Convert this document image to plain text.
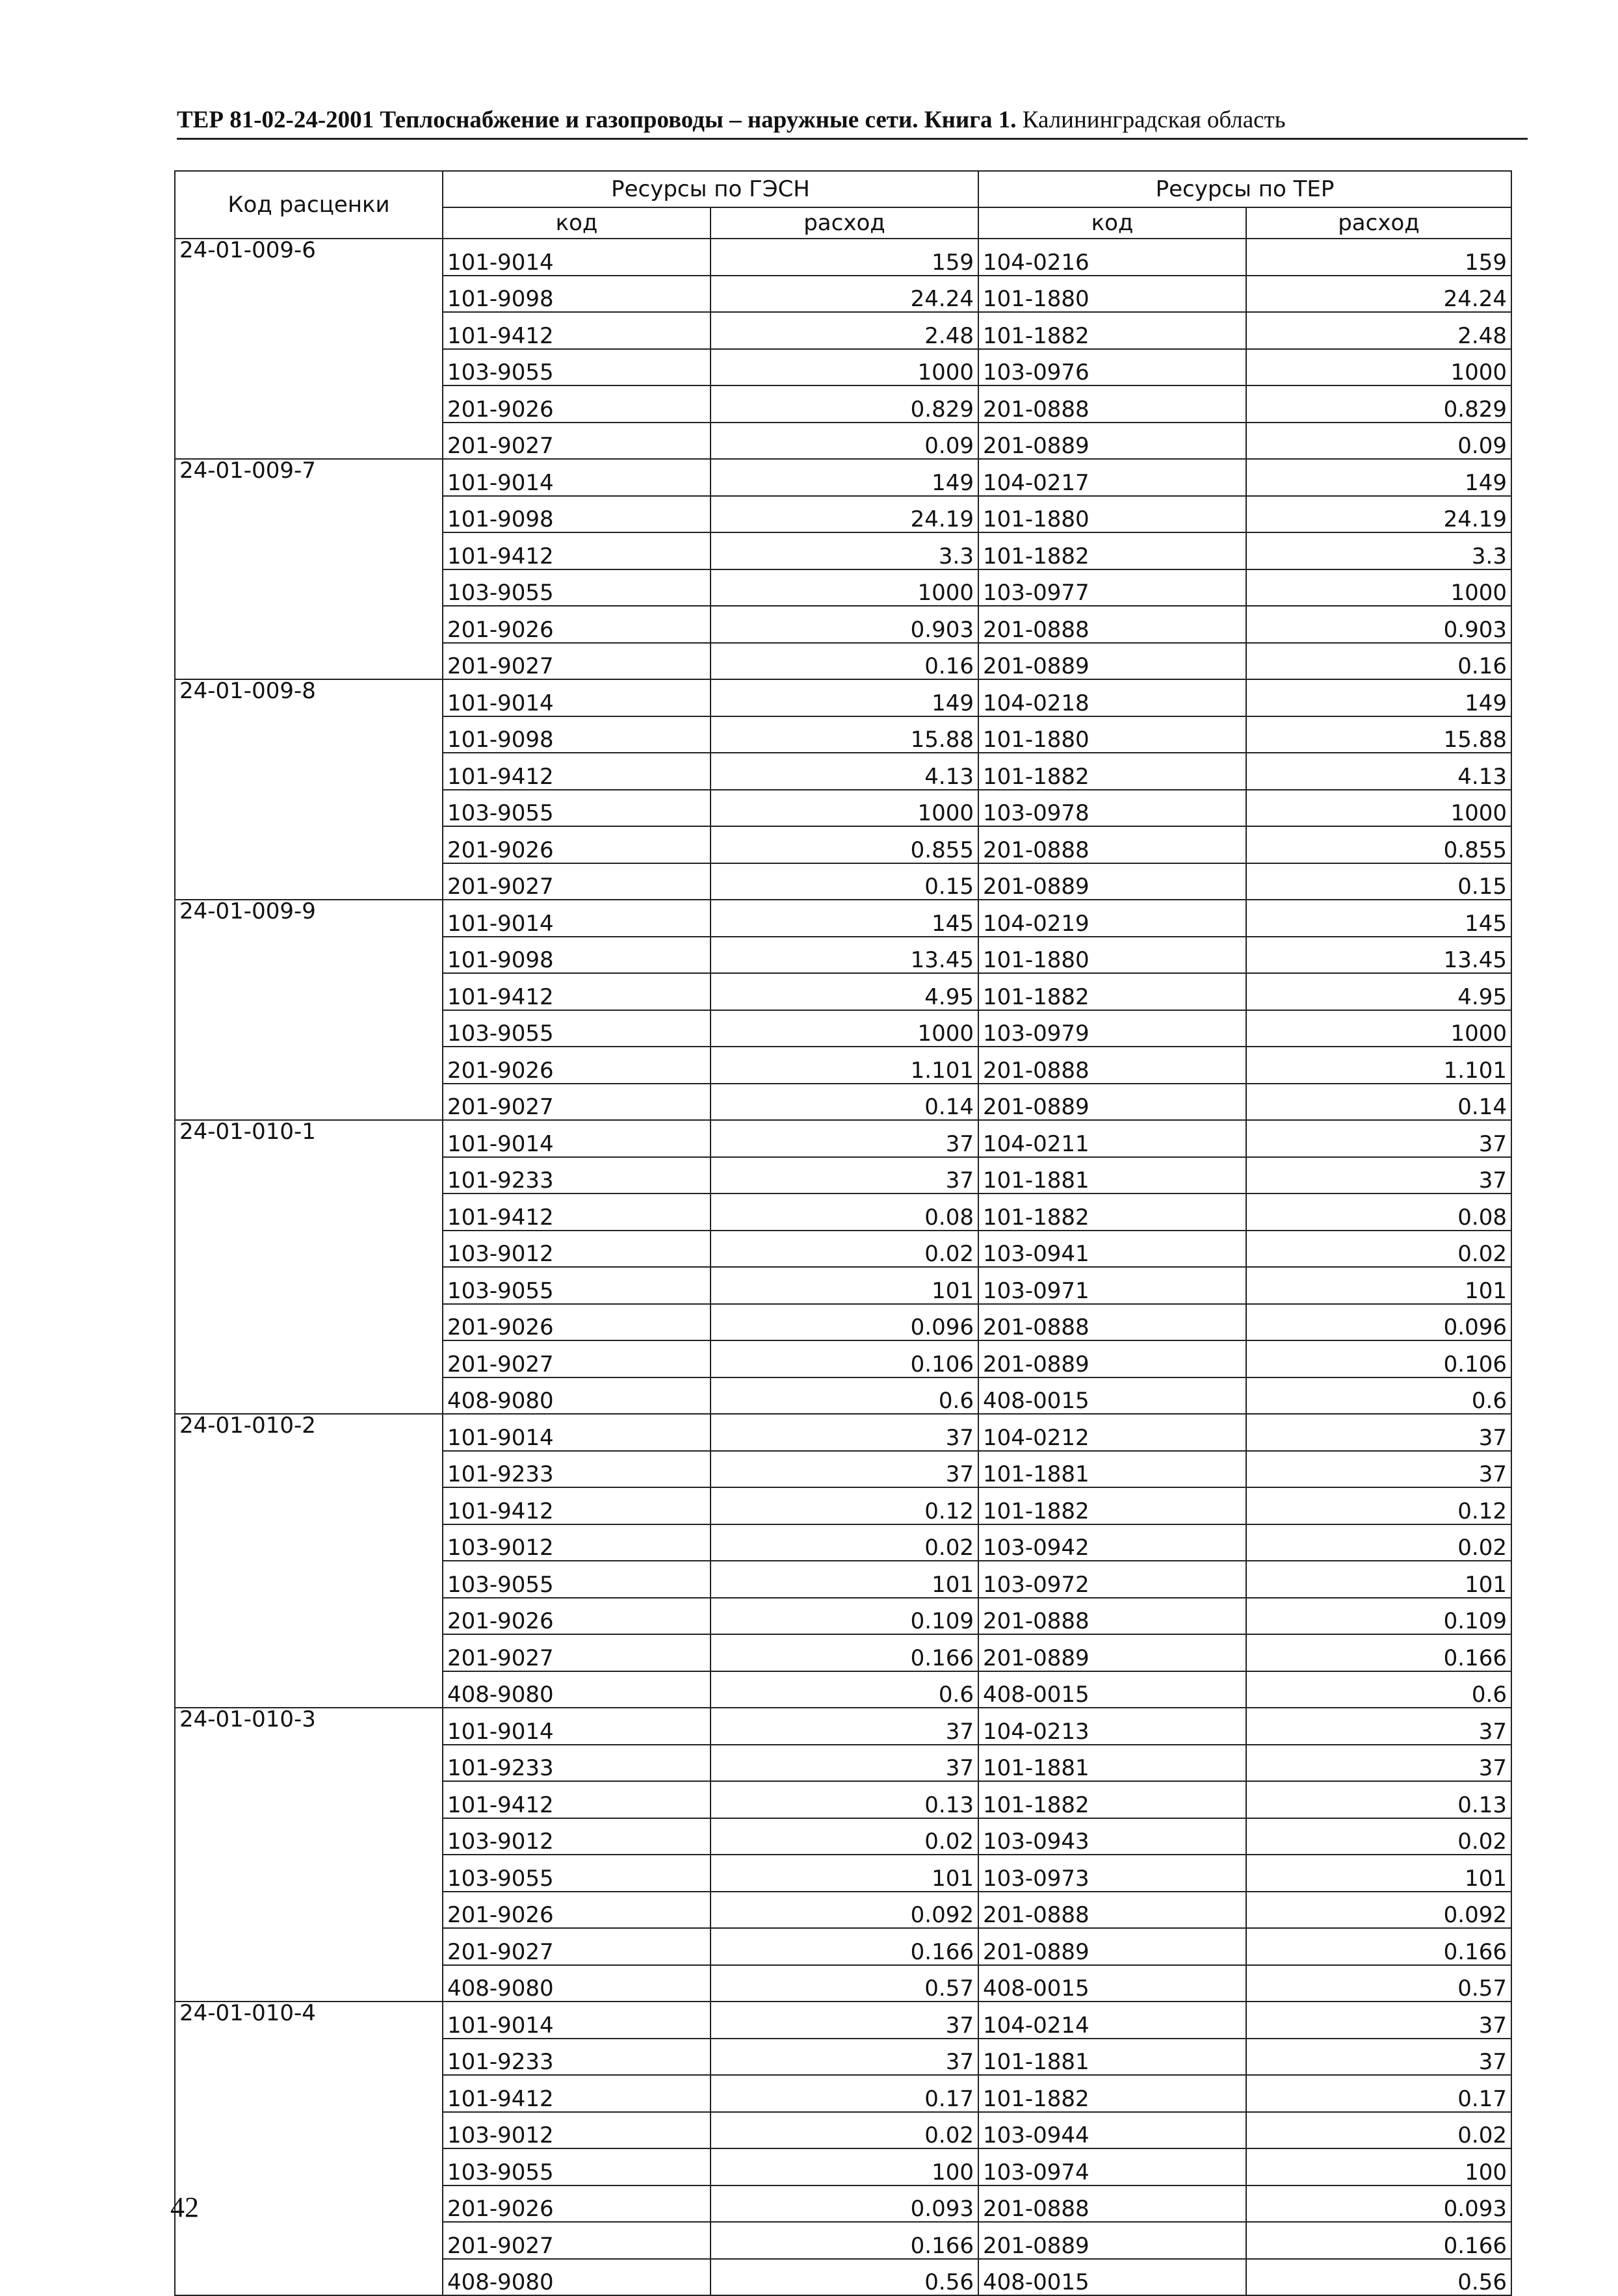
ТЕР 81-02-24-2001 Теплоснабжение и газопроводы – наружные сети. Книга 1. Калининградская область
Код расценки	Ресурсы по ГЭСН		Ресурсы по ТЕР	
	код	расход	код	расход
24-01-009-6	101-9014	159	104-0216	159
	101-9098	24.24	101-1880	24.24
	101-9412	2.48	101-1882	2.48
	103-9055	1000	103-0976	1000
	201-9026	0.829	201-0888	0.829
	201-9027	0.09	201-0889	0.09
24-01-009-7	101-9014	149	104-0217	149
	101-9098	24.19	101-1880	24.19
	101-9412	3.3	101-1882	3.3
	103-9055	1000	103-0977	1000
	201-9026	0.903	201-0888	0.903
	201-9027	0.16	201-0889	0.16
24-01-009-8	101-9014	149	104-0218	149
	101-9098	15.88	101-1880	15.88
	101-9412	4.13	101-1882	4.13
	103-9055	1000	103-0978	1000
	201-9026	0.855	201-0888	0.855
	201-9027	0.15	201-0889	0.15
24-01-009-9	101-9014	145	104-0219	145
	101-9098	13.45	101-1880	13.45
	101-9412	4.95	101-1882	4.95
	103-9055	1000	103-0979	1000
	201-9026	1.101	201-0888	1.101
	201-9027	0.14	201-0889	0.14
24-01-010-1	101-9014	37	104-0211	37
	101-9233	37	101-1881	37
	101-9412	0.08	101-1882	0.08
	103-9012	0.02	103-0941	0.02
	103-9055	101	103-0971	101
	201-9026	0.096	201-0888	0.096
	201-9027	0.106	201-0889	0.106
	408-9080	0.6	408-0015	0.6
24-01-010-2	101-9014	37	104-0212	37
	101-9233	37	101-1881	37
	101-9412	0.12	101-1882	0.12
	103-9012	0.02	103-0942	0.02
	103-9055	101	103-0972	101
	201-9026	0.109	201-0888	0.109
	201-9027	0.166	201-0889	0.166
	408-9080	0.6	408-0015	0.6
24-01-010-3	101-9014	37	104-0213	37
	101-9233	37	101-1881	37
	101-9412	0.13	101-1882	0.13
	103-9012	0.02	103-0943	0.02
	103-9055	101	103-0973	101
	201-9026	0.092	201-0888	0.092
	201-9027	0.166	201-0889	0.166
	408-9080	0.57	408-0015	0.57
24-01-010-4	101-9014	37	104-0214	37
	101-9233	37	101-1881	37
	101-9412	0.17	101-1882	0.17
	103-9012	0.02	103-0944	0.02
	103-9055	100	103-0974	100
	201-9026	0.093	201-0888	0.093
	201-9027	0.166	201-0889	0.166
	408-9080	0.56	408-0015	0.56
42
